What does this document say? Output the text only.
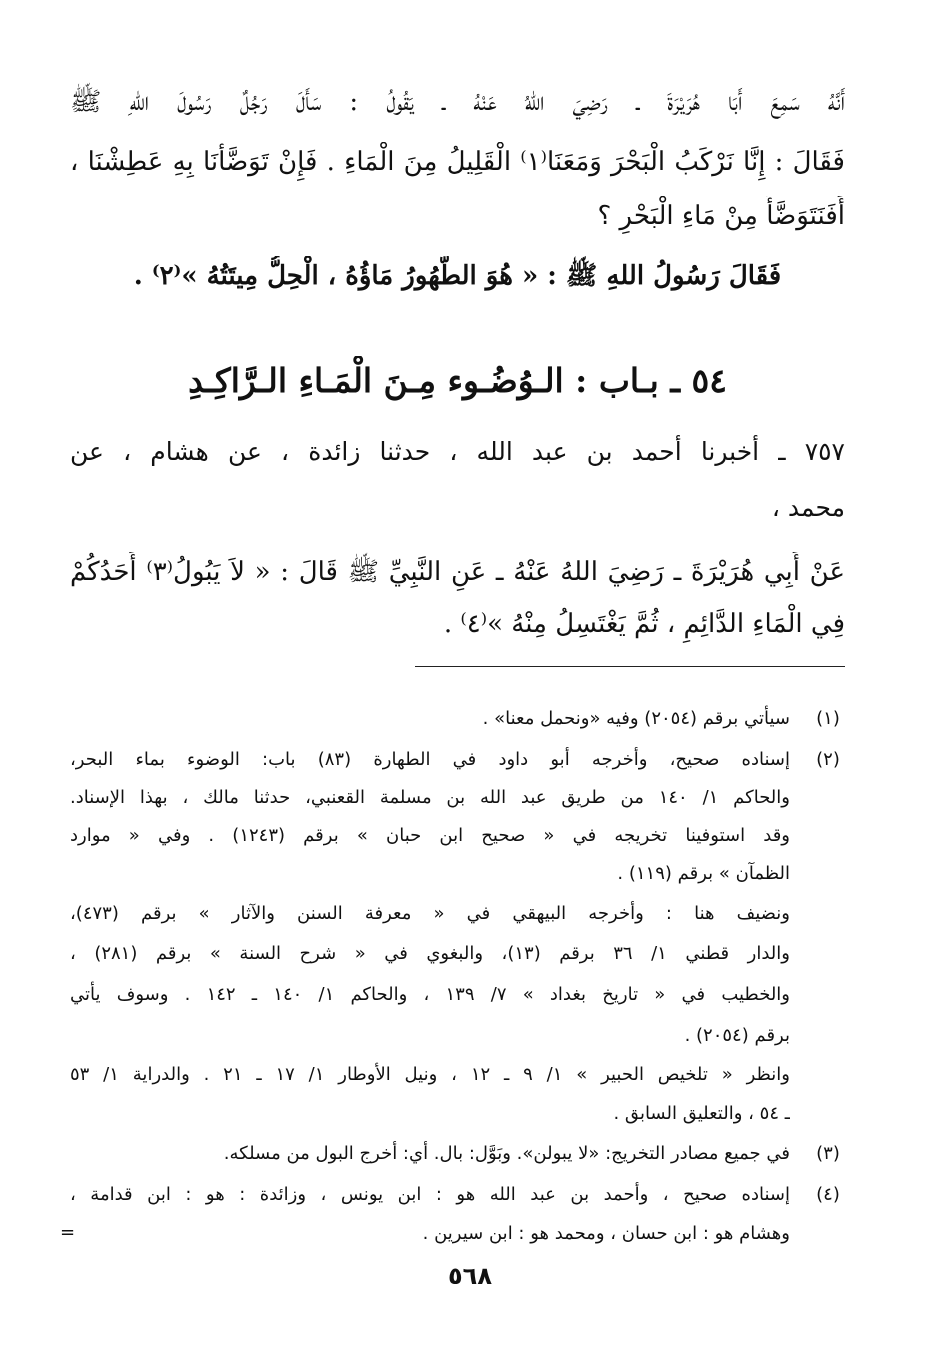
أَنَّهُ سَمِعَ أَبَا هُرَيْرَةَ ـ رَضِيَ اللهُ عَنْهُ ـ يَقُولُ : سَأَلَ رَجُلٌ رَسُولَ اللهِ ﷺ
فَقَالَ : إِنَّا نَرْكَبُ الْبَحْرَ وَمَعَنَا⁽١⁾ الْقَلِيلُ مِنَ الْمَاءِ . فَإِنْ تَوَضَّأْنَا بِهِ عَطِشْنَا ،
أَفَنَتَوَضَّأُ مِنْ مَاءِ الْبَحْرِ ؟
فَقَالَ رَسُولُ اللهِ ﷺ : « هُوَ الطَّهُورُ مَاؤُهُ ، الْحِلُّ مِيتَتُهُ »⁽٢⁾ .
٥٤ ـ بـاب : الـوُضُـوء مِـنَ الْمَـاءِ الـرَّاكِـدِ
٧٥٧ ـ أخبرنا أحمد بن عبد الله ، حدثنا زائدة ، عن هشام ، عن
محمد ،
عَنْ أَبِي هُرَيْرَةَ ـ رَضِيَ اللهُ عَنْهُ ـ عَنِ النَّبِيِّ ﷺ قَالَ : « لاَ يَبُولُ⁽٣⁾ أَحَدُكُمْ
فِي الْمَاءِ الدَّائِمِ ، ثُمَّ يَغْتَسِلُ مِنْهُ »⁽٤⁾ .
(١)
سيأتي برقم (٢٠٥٤) وفيه «ونحمل معنا» .
(٢)
إسناده صحيح، وأخرجه أبو داود في الطهارة (٨٣) باب: الوضوء بماء البحر،
والحاكم ١/ ١٤٠ من طريق عبد الله بن مسلمة القعنبي، حدثنا مالك ، بهذا الإسناد.
وقد استوفينا تخريجه في « صحيح ابن حبان » برقم (١٢٤٣) . وفي « موارد
الظمآن » برقم (١١٩) .
ونضيف هنا : وأخرجه البيهقي في « معرفة السنن والآثار » برقم (٤٧٣)،
والدار قطني ١/ ٣٦ برقم (١٣)، والبغوي في « شرح السنة » برقم (٢٨١) ،
والخطيب في « تاريخ بغداد » ٧/ ١٣٩ ، والحاكم ١/ ١٤٠ ـ ١٤٢ . وسوف يأتي
برقم (٢٠٥٤) .
وانظر « تلخيص الحبير » ١/ ٩ ـ ١٢ ، ونيل الأوطار ١/ ١٧ ـ ٢١ . والدراية ١/ ٥٣
ـ ٥٤ ، والتعليق السابق .
(٣)
في جميع مصادر التخريج: «لا يبولن». وبَوَّل: بال. أي: أخرج البول من مسلكه.
(٤)
إسناده صحيح ، وأحمد بن عبد الله هو : ابن يونس ، وزائدة : هو : ابن قدامة ،
وهشام هو : ابن حسان ، ومحمد هو : ابن سيرين .
=
٥٦٨
